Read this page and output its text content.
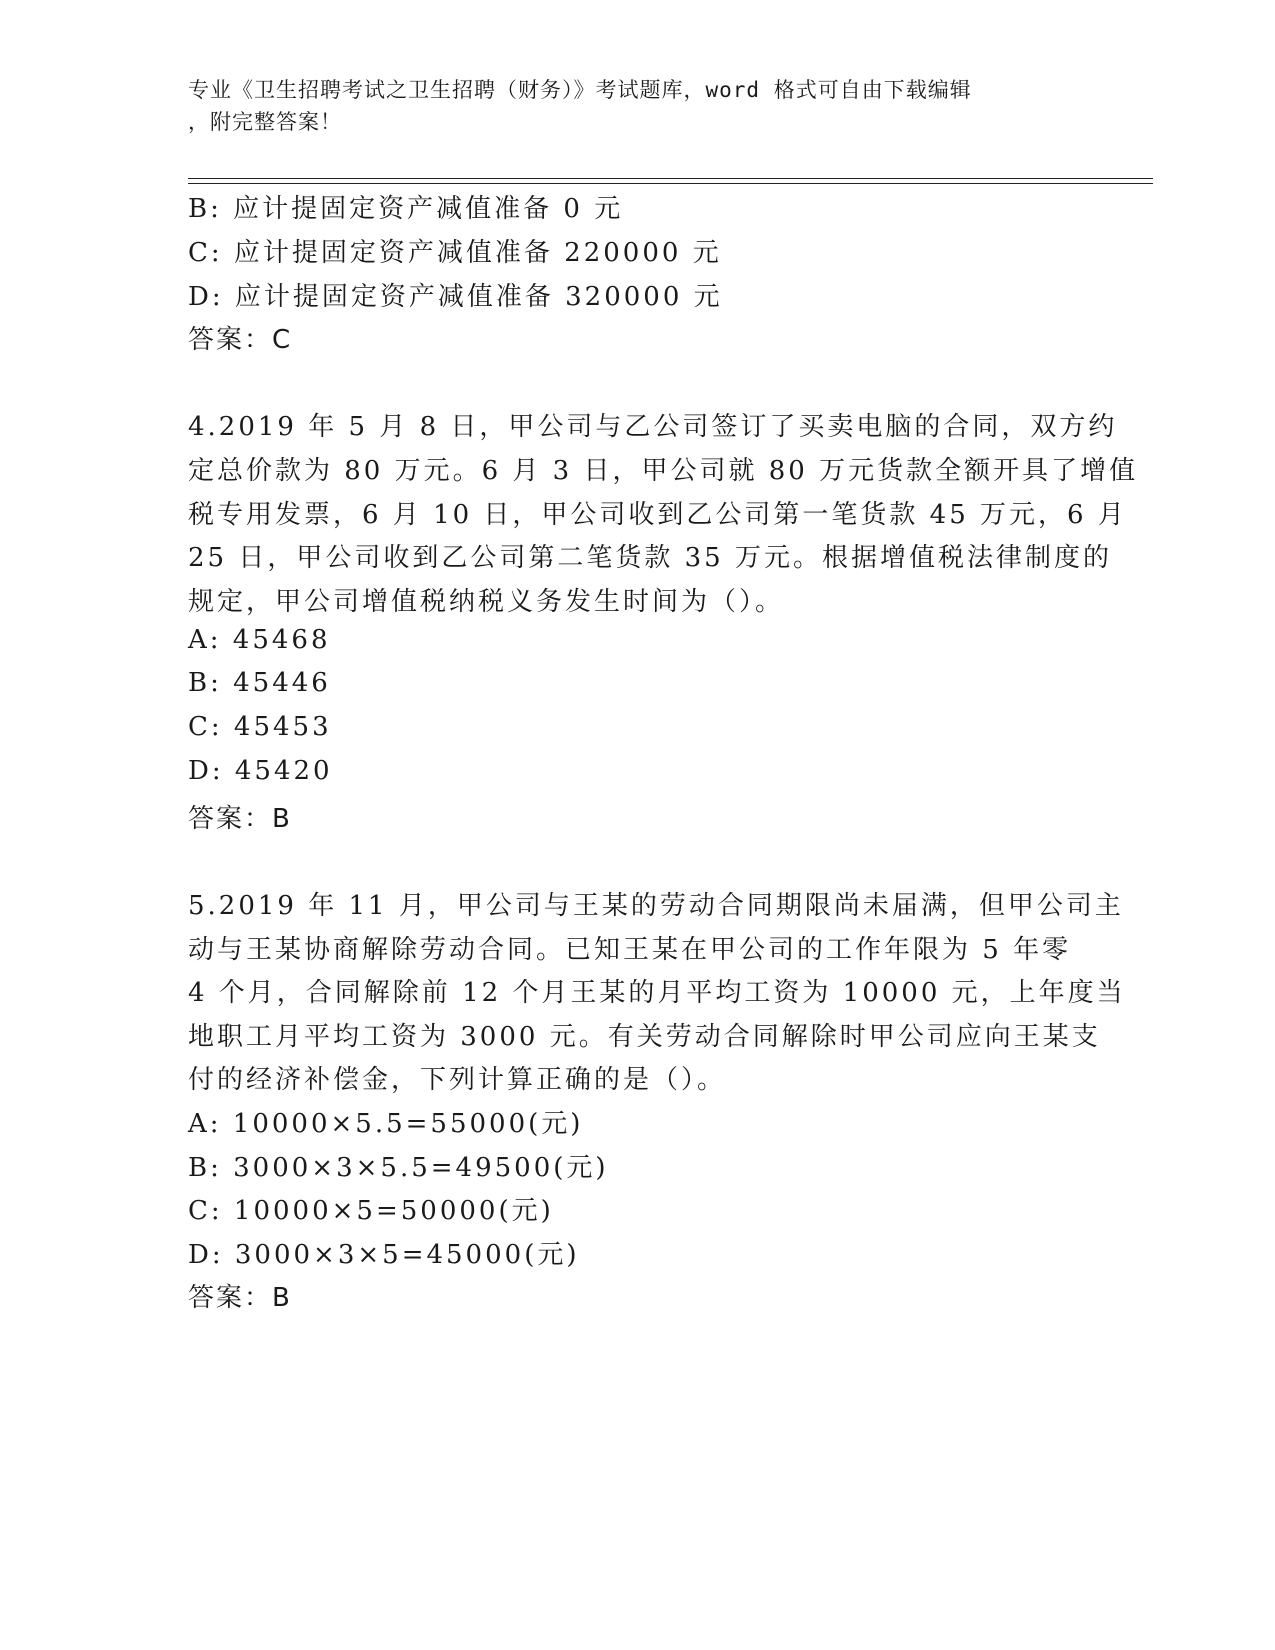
专业《卫生招聘考试之卫生招聘（财务）》考试题库，word 格式可自由下载编辑
，附完整答案！
B: 应计提固定资产减值准备 0 元
C: 应计提固定资产减值准备 220000 元
D: 应计提固定资产减值准备 320000 元
答案：C
4.2019 年 5 月 8 日，甲公司与乙公司签订了买卖电脑的合同，双方约
定总价款为 80 万元。6 月 3 日，甲公司就 80 万元货款全额开具了增值
税专用发票，6 月 10 日，甲公司收到乙公司第一笔货款 45 万元，6 月
25 日，甲公司收到乙公司第二笔货款 35 万元。根据增值税法律制度的
规定，甲公司增值税纳税义务发生时间为（）。
A: 45468
B: 45446
C: 45453
D: 45420
答案：B
5.2019 年 11 月，甲公司与王某的劳动合同期限尚未届满，但甲公司主
动与王某协商解除劳动合同。已知王某在甲公司的工作年限为 5 年零
4 个月，合同解除前 12 个月王某的月平均工资为 10000 元，上年度当
地职工月平均工资为 3000 元。有关劳动合同解除时甲公司应向王某支
付的经济补偿金，下列计算正确的是（）。
A: 10000×5.5=55000(元)
B: 3000×3×5.5=49500(元)
C: 10000×5=50000(元)
D: 3000×3×5=45000(元)
答案：B
